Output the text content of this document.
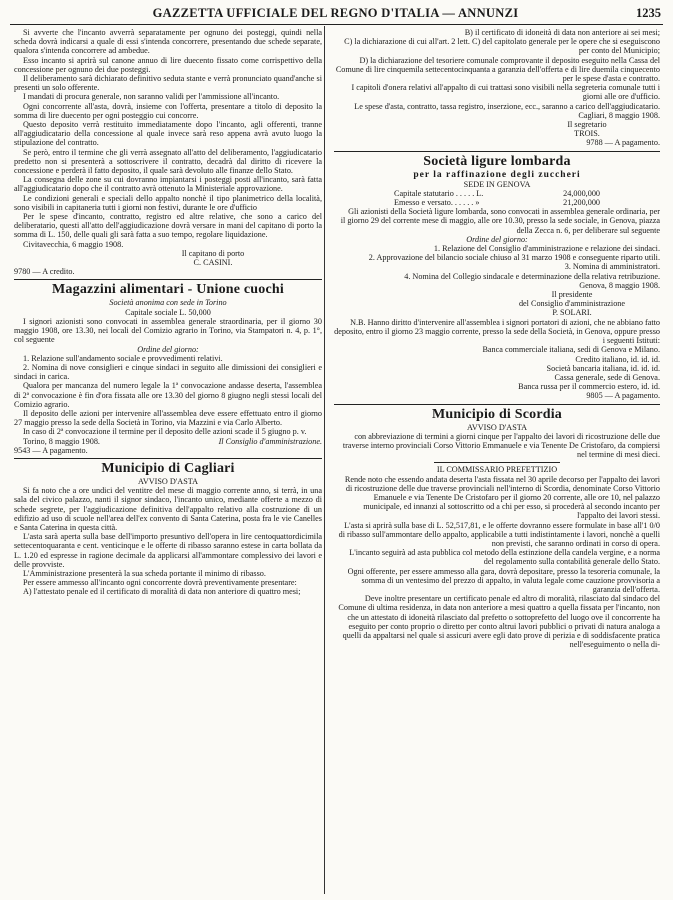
GAZZETTA UFFICIALE DEL REGNO D'ITALIA — ANNUNZI	1235

Si avverte che l'incanto avverrà separatamente per ognuno dei posteggi, quindi nella scheda dovrà indicarsi a quale di essi s'intenda concorrere, presentando due schede separate, qualora s'intenda concorrere ad ambedue.

Esso incanto si aprirà sul canone annuo di lire duecento fissato come corrispettivo della concessione per ognuno dei due posteggi.

Il deliberamento sarà dichiarato definitivo seduta stante e verrà pronunciato quand'anche si presenti un solo offerente.

I mandati di procura generale, non saranno validi per l'ammissione all'incanto.

Ogni concorrente all'asta, dovrà, insieme con l'offerta, presentare a titolo di deposito la somma di lire duecento per ogni posteggio cui concorre.

Questo deposito verrà restituito immediatamente dopo l'incanto, agli offerenti, tranne all'aggiudicatario della concessione al quale invece sarà reso appena avrà avuto luogo la stipulazione del contratto.

Se però, entro il termine che gli verrà assegnato all'atto del deliberamento, l'aggiudicatario predetto non si presenterà a sottoscrivere il contratto, decadrà dal diritto di ricevere la concessione e perderà il fatto deposito, il quale sarà devoluto alle finanze dello Stato.

La consegna delle zone su cui dovranno impiantarsi i posteggi posti all'incanto, sarà fatta all'aggiudicatario dopo che il contratto avrà ottenuto la Ministeriale approvazione.

Le condizioni generali e speciali dello appalto nonchè il tipo planimetrico della località, sono visibili in capitaneria tutti i giorni non festivi, durante le ore d'ufficio

Per le spese d'incanto, contratto, registro ed altre relative, che sono a carico del deliberatario, questi all'atto dell'aggiudicazione dovrà versare in mani del capitano di porto la somma di L. 150, delle quali gli sarà fatta a suo tempo, regolare liquidazione.

Civitavecchia, 6 maggio 1908.

Il capitano di porto

C. CASINI.

9780 — A credito.

Magazzini alimentari - Unione cuochi

Società anonima con sede in Torino

Capitale sociale L. 50,000

I signori azionisti sono convocati in assemblea generale straordinaria, per il giorno 30 maggio 1908, ore 13.30, nei locali del Comizio agrario in Torino, via Stampatori n. 4, p. 1°, col seguente

Ordine del giorno:

1. Relazione sull'andamento sociale e provvedimenti relativi.

2. Nomina di nove consiglieri e cinque sindaci in seguito alle dimissioni dei consiglieri e sindaci in carica.

Qualora per mancanza del numero legale la 1ª convocazione andasse deserta, l'assemblea di 2ª convocazione è fin d'ora fissata alle ore 13.30 del giorno 8 giugno negli stessi locali del Comizio agrario.

Il deposito delle azioni per intervenire all'assemblea deve essere effettuato entro il giorno 27 maggio presso la sede della Società in Torino, via Mazzini e via Carlo Alberto.

In caso di 2ª convocazione il termine per il deposito delle azioni scade il 5 giugno p. v.

Torino, 8 maggio 1908.	Il Consiglio d'amministrazione.

9543 — A pagamento.

Municipio di Cagliari

AVVISO D'ASTA

Si fa noto che a ore undici del ventitre del mese di maggio corrente anno, si terrà, in una sala del civico palazzo, nanti il signor sindaco, l'incanto unico, mediante offerte a mezzo di schede segrete, per l'aggiudicazione definitiva dell'appalto relativo alla costruzione di un edifizio ad uso di scuole nell'area dell'ex convento di Santa Caterina, posta fra le vie Canelles e Santa Caterina in questa città.

L'asta sarà aperta sulla base dell'importo presuntivo dell'opera in lire centoquattordicimila settecentoquaranta e cent. venticinque e le offerte di ribasso saranno estese in carta bollata da L. 1.20 ed espresse in ragione decimale da applicarsi all'ammontare complessivo dei lavori e delle provviste.

L'Amministrazione presenterà la sua scheda portante il minimo di ribasso.

Per essere ammesso all'incanto ogni concorrente dovrà preventivamente presentare:

A) l'attestato penale ed il certificato di moralità di data non anteriore di quattro mesi;

B) il certificato di idoneità di data non anteriore ai sei mesi;

C) la dichiarazione di cui all'art. 2 lett. C) del capitolato generale per le opere che si eseguiscono per conto del Municipio;

D) la dichiarazione del tesoriere comunale comprovante il deposito eseguito nella Cassa del Comune di lire cinquemila settecentocinquanta a garanzia dell'offerta e di lire duemila cinquecento per le spese d'asta e contratto.

I capitoli d'onera relativi all'appalto di cui trattasi sono visibili nella segreteria comunale tutti i giorni alle ore d'ufficio.

Le spese d'asta, contratto, tassa registro, inserzione, ecc., saranno a carico dell'aggiudicatario.

Cagliari, 8 maggio 1908.

Il segretario

TROIS.

9788 — A pagamento.

Società ligure lombarda

per la raffinazione degli zuccheri

SEDE IN GENOVA

Capitale statutario . . . . . L.	24,000,000
Emesso e versato. . . . . . »	21,200,000

Gli azionisti della Società ligure lombarda, sono convocati in assemblea generale ordinaria, per il giorno 29 del corrente mese di maggio, alle ore 10.30, presso la sede sociale, in Genova, piazza della Zecca n. 6, per deliberare sul seguente

Ordine del giorno:

1. Relazione del Consiglio d'amministrazione e relazione dei sindaci.

2. Approvazione del bilancio sociale chiuso al 31 marzo 1908 e conseguente riparto utili.

3. Nomina di amministratori.

4. Nomina del Collegio sindacale e determinazione della relativa retribuzione.

Genova, 8 maggio 1908.

Il presidente

del Consiglio d'amministrazione

P. SOLARI.

N.B. Hanno diritto d'intervenire all'assemblea i signori portatori di azioni, che ne abbiano fatto deposito, entro il giorno 23 maggio corrente, presso la sede della Società, in Genova, oppure presso i seguenti Istituti:

Banca commerciale italiana, sedi di Genova e Milano.

Credito italiano, id. id. id.

Società bancaria italiana, id. id. id.

Cassa generale, sede di Genova.

Banca russa per il commercio estero, id. id.

9805 — A pagamento.

Municipio di Scordia

AVVISO D'ASTA

con abbreviazione di termini a giorni cinque per l'appalto dei lavori di ricostruzione delle due traverse interno provinciali Corso Vittorio Emmanuele e via Tenente De Cristofaro, da compiersi nel termine di mesi dieci.

IL COMMISSARIO PREFETTIZIO

Rende noto che essendo andata deserta l'asta fissata nel 30 aprile decorso per l'appalto dei lavori di ricostruzione delle due traverse provinciali nell'interno di Scordia, denominate Corso Vittorio Emanuele e via Tenente De Cristofaro per il giorno 20 corrente, alle ore 10, nel palazzo municipale, ed innanzi al sottoscritto od a chi per esso, si procederà al secondo incanto per l'appalto dei lavori stessi.

L'asta si aprirà sulla base di L. 52,517,81, e le offerte dovranno essere formulate in base all'1 0/0 di ribasso sull'ammontare dello appalto, applicabile a tutti indistintamente i lavori, nonchè a quelli non previsti, che saranno ordinati in corso di opera.

L'incanto seguirà ad asta pubblica col metodo della estinzione della candela vergine, e a norma del regolamento sulla contabilità generale dello Stato.

Ogni offerente, per essere ammesso alla gara, dovrà depositare, presso la tesoreria comunale, la somma di un ventesimo del prezzo di appalto, in valuta legale come cauzione provvisoria a garanzia dell'offerta.

Deve inoltre presentare un certificato penale ed altro di moralità, rilasciato dal sindaco del Comune di ultima residenza, in data non anteriore a mesi quattro a quella fissata per l'incanto, non che un attestato di idoneità rilasciato dal prefetto o sottoprefetto del luogo ove il concorrente ha eseguito per conto proprio o diretto per conto altrui lavori pubblici o privati di natura analoga a quelli da appaltarsi nel quale si assicuri avere egli dato prove di perizia e di soddisfacente pratica nell'eseguimento o nella di-
